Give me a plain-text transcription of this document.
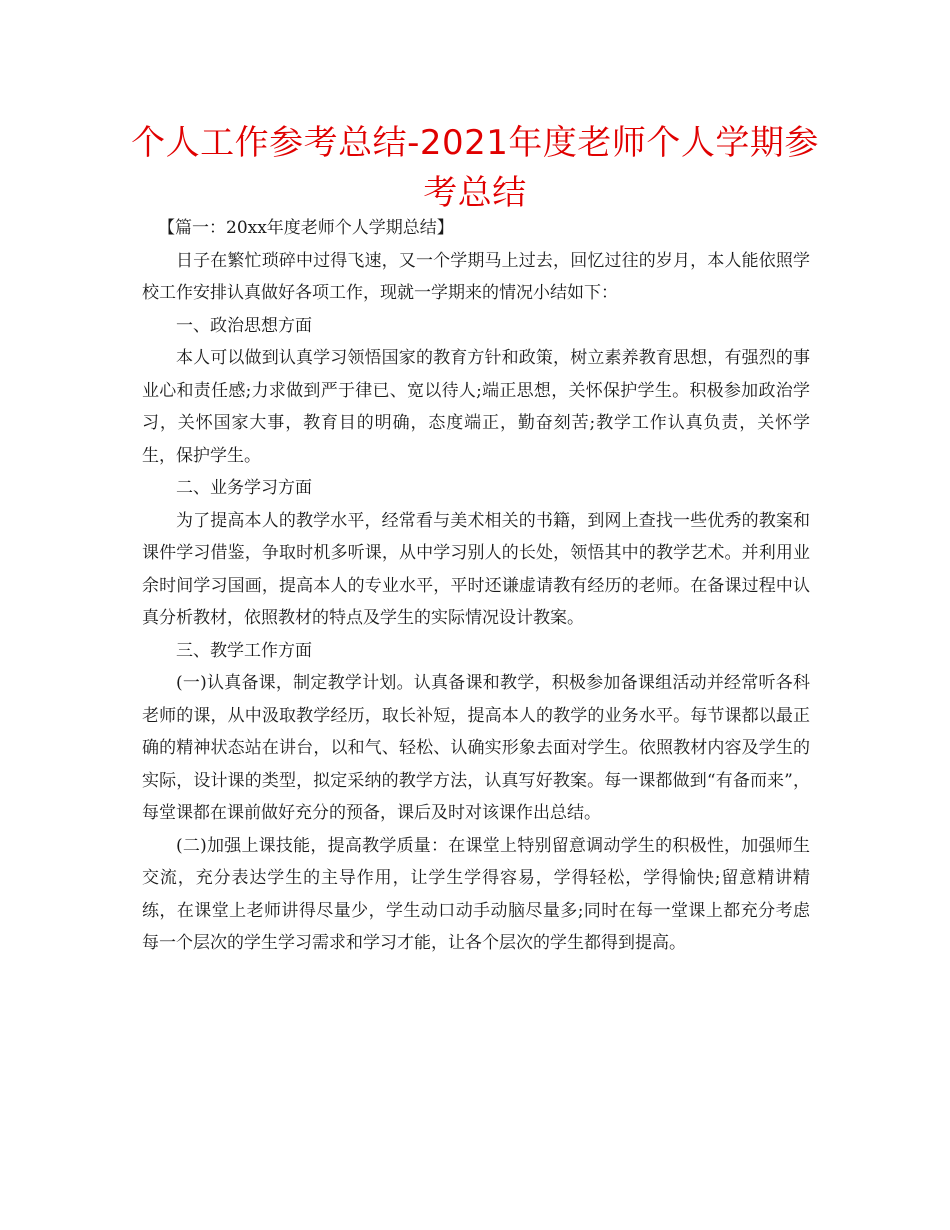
个人工作参考总结-2021年度老师个人学期参考总结

【篇一：20xx年度老师个人学期总结】

日子在繁忙琐碎中过得飞速，又一个学期马上过去，回忆过往的岁月，本人能依照学校工作安排认真做好各项工作，现就一学期来的情况小结如下：

一、政治思想方面

本人可以做到认真学习领悟国家的教育方针和政策，树立素养教育思想，有强烈的事业心和责任感;力求做到严于律已、宽以待人;端正思想，关怀保护学生。积极参加政治学习，关怀国家大事，教育目的明确，态度端正，勤奋刻苦;教学工作认真负责，关怀学生，保护学生。

二、业务学习方面

为了提高本人的教学水平，经常看与美术相关的书籍，到网上查找一些优秀的教案和课件学习借鉴，争取时机多听课，从中学习别人的长处，领悟其中的教学艺术。并利用业余时间学习国画，提高本人的专业水平，平时还谦虚请教有经历的老师。在备课过程中认真分析教材，依照教材的特点及学生的实际情况设计教案。

三、教学工作方面

(一)认真备课，制定教学计划。认真备课和教学，积极参加备课组活动并经常听各科老师的课，从中汲取教学经历，取长补短，提高本人的教学的业务水平。每节课都以最正确的精神状态站在讲台，以和气、轻松、认确实形象去面对学生。依照教材内容及学生的实际，设计课的类型，拟定采纳的教学方法，认真写好教案。每一课都做到“有备而来”，每堂课都在课前做好充分的预备，课后及时对该课作出总结。

(二)加强上课技能，提高教学质量：在课堂上特别留意调动学生的积极性，加强师生交流，充分表达学生的主导作用，让学生学得容易，学得轻松，学得愉快;留意精讲精练，在课堂上老师讲得尽量少，学生动口动手动脑尽量多;同时在每一堂课上都充分考虑每一个层次的学生学习需求和学习才能，让各个层次的学生都得到提高。
